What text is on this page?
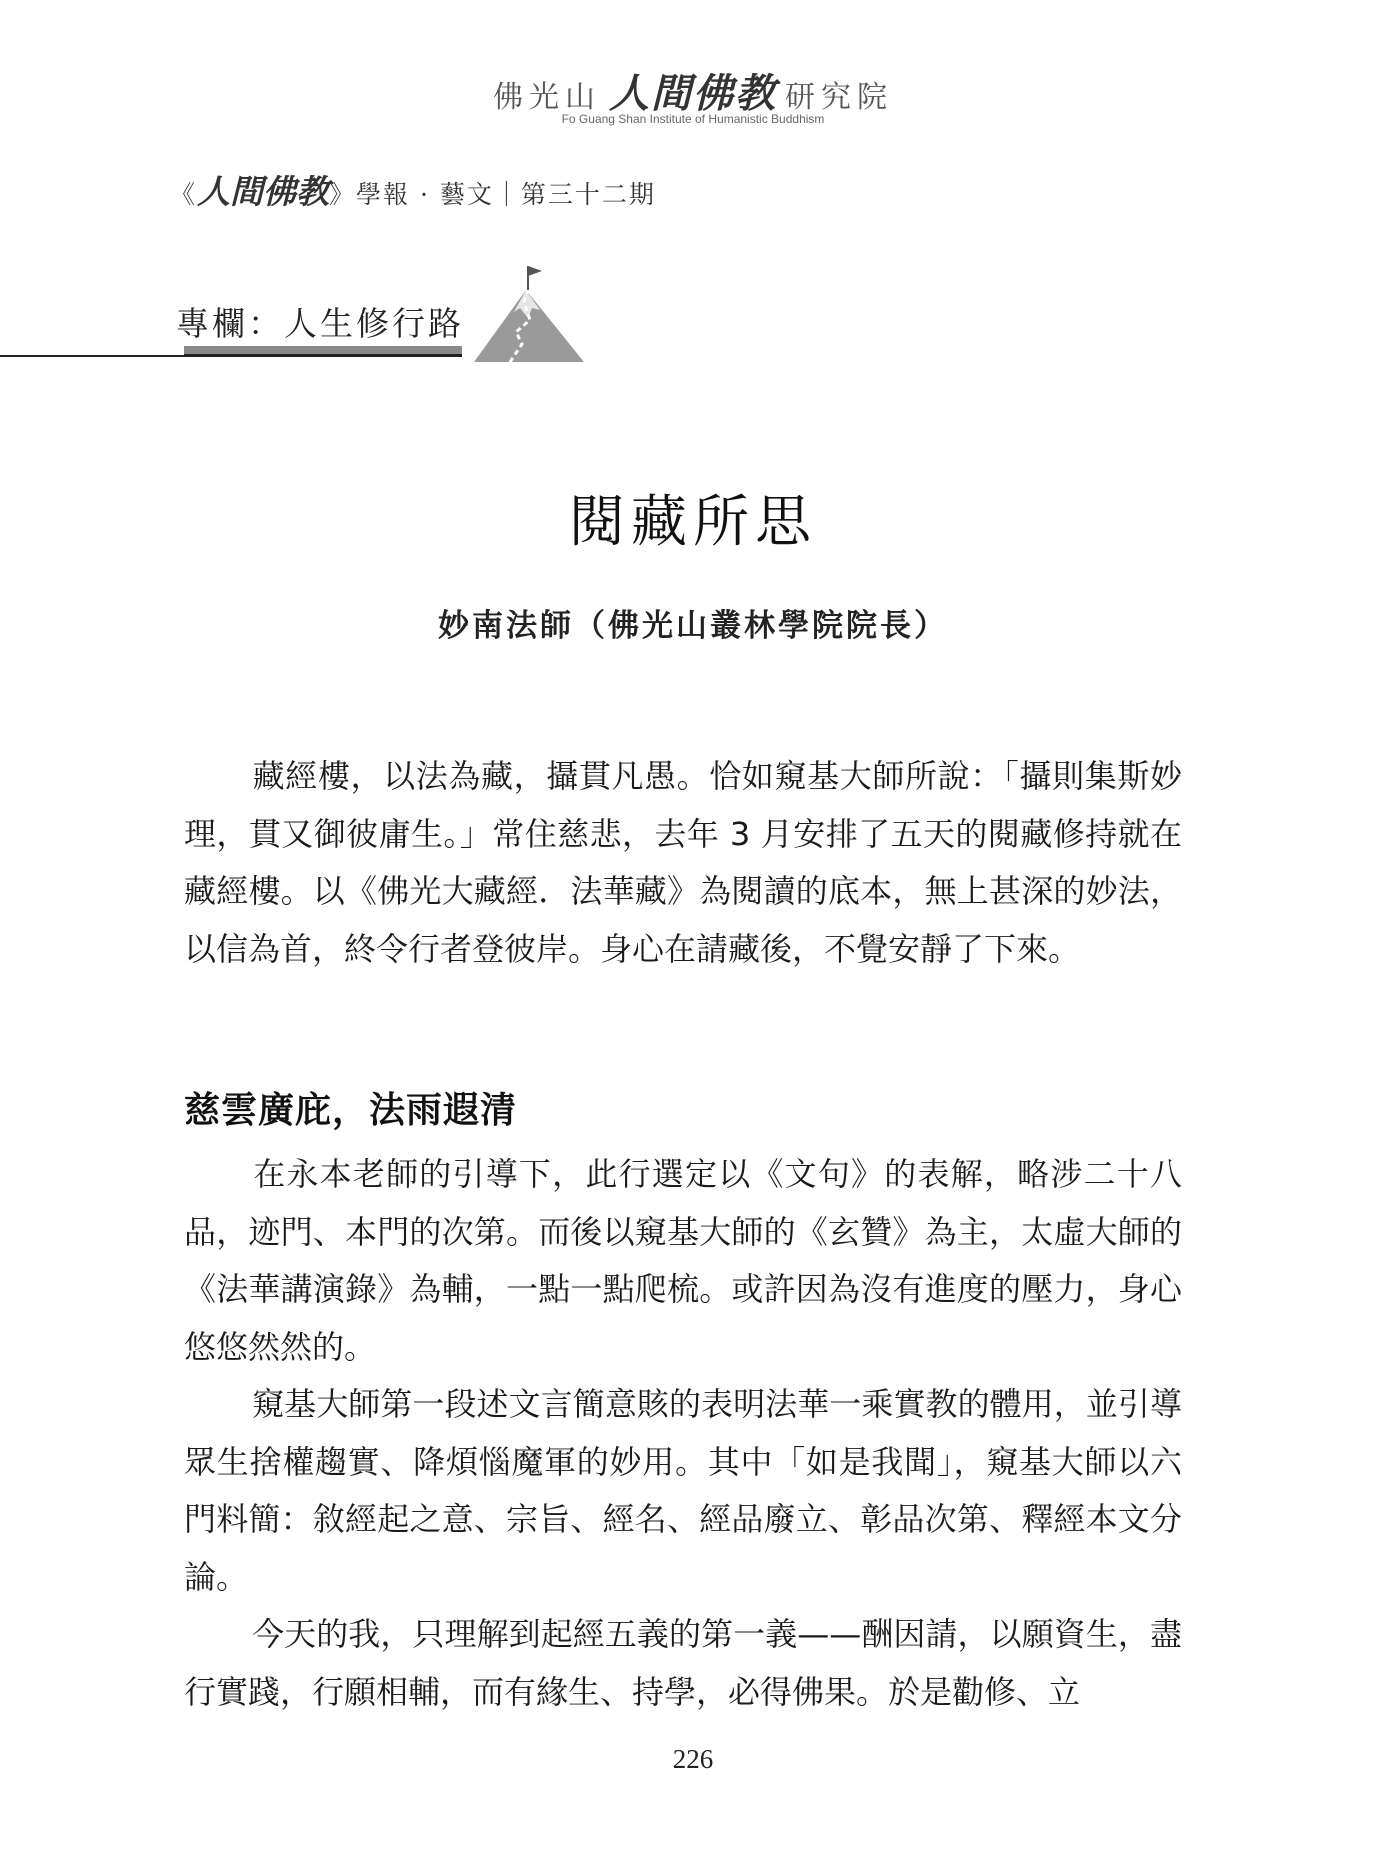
佛光山 人間佛教 研究院
Fo Guang Shan Institute of Humanistic Buddhism
《人間佛教》學報 · 藝文｜第三十二期
專欄：人生修行路
閱藏所思
妙南法師（佛光山叢林學院院長）

藏經樓，以法為藏，攝貫凡愚。恰如窺基大師所說：「攝則集斯妙理，貫又御彼庸生。」常住慈悲，去年 3 月安排了五天的閱藏修持就在藏經樓。以《佛光大藏經．法華藏》為閱讀的底本，無上甚深的妙法，以信為首，終令行者登彼岸。身心在請藏後，不覺安靜了下來。

慈雲廣庇，法雨遐清

在永本老師的引導下，此行選定以《文句》的表解，略涉二十八品，迹門、本門的次第。而後以窺基大師的《玄贊》為主，太虛大師的《法華講演錄》為輔，一點一點爬梳。或許因為沒有進度的壓力，身心悠悠然然的。

窺基大師第一段述文言簡意賅的表明法華一乘實教的體用，並引導眾生捨權趨實、降煩惱魔軍的妙用。其中「如是我聞」，窺基大師以六門料簡：敘經起之意、宗旨、經名、經品廢立、彰品次第、釋經本文分論。

今天的我，只理解到起經五義的第一義——酬因請，以願資生，盡行實踐，行願相輔，而有緣生、持學，必得佛果。於是勸修、立

226
